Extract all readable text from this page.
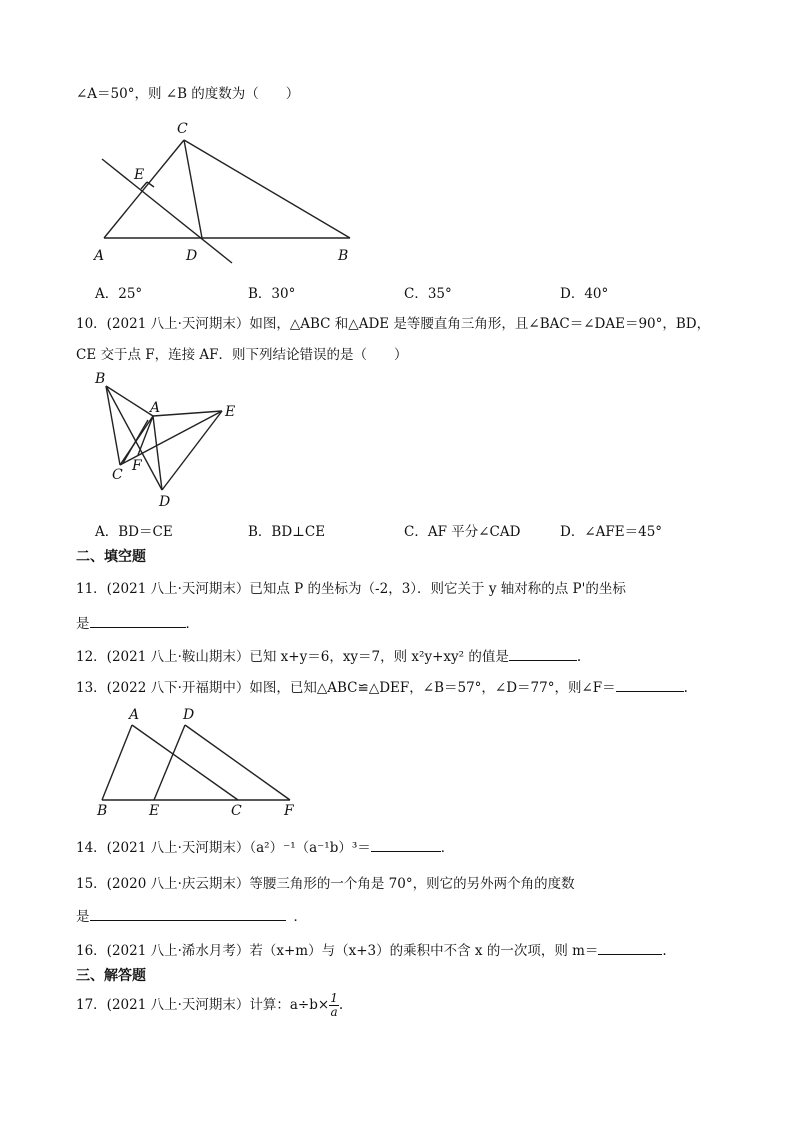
∠A＝50°，则 ∠B 的度数为（　　）
C
E
A	D	B
A．25°	B．30°	C．35°	D．40°
10．(2021 八上·天河期末）如图，△ABC 和△ADE 是等腰直角三角形，且∠BAC＝∠DAE＝90°，BD，
CE 交于点 F，连接 AF．则下列结论错误的是（　　）
B
A	E
F
C
D
A．BD＝CE	B．BD⊥CE	C．AF 平分∠CAD	D．∠AFE＝45°
二、填空题
11．(2021 八上·天河期末）已知点 P 的坐标为（-2，3）．则它关于 y 轴对称的点 P'的坐标
是	．
12．(2021 八上·鞍山期末）已知 x+y＝6，xy＝7，则 x²y+xy² 的值是	.
13．(2022 八下·开福期中）如图，已知△ABC≌△DEF，∠B＝57°，∠D＝77°，则∠F＝	.
A	D
B	E	C	F
14．(2021 八上·天河期末）（a²）⁻¹（a⁻¹b）³＝	．
15．(2020 八上·庆云期末）等腰三角形的一个角是 70°，则它的另外两个角的度数
是	．
16．(2021 八上·浠水月考）若（x+m）与（x+3）的乘积中不含 x 的一次项，则 m＝	.
三、解答题
17．(2021 八上·天河期末）计算：$a\div b\times \frac{1}{a}$ .
